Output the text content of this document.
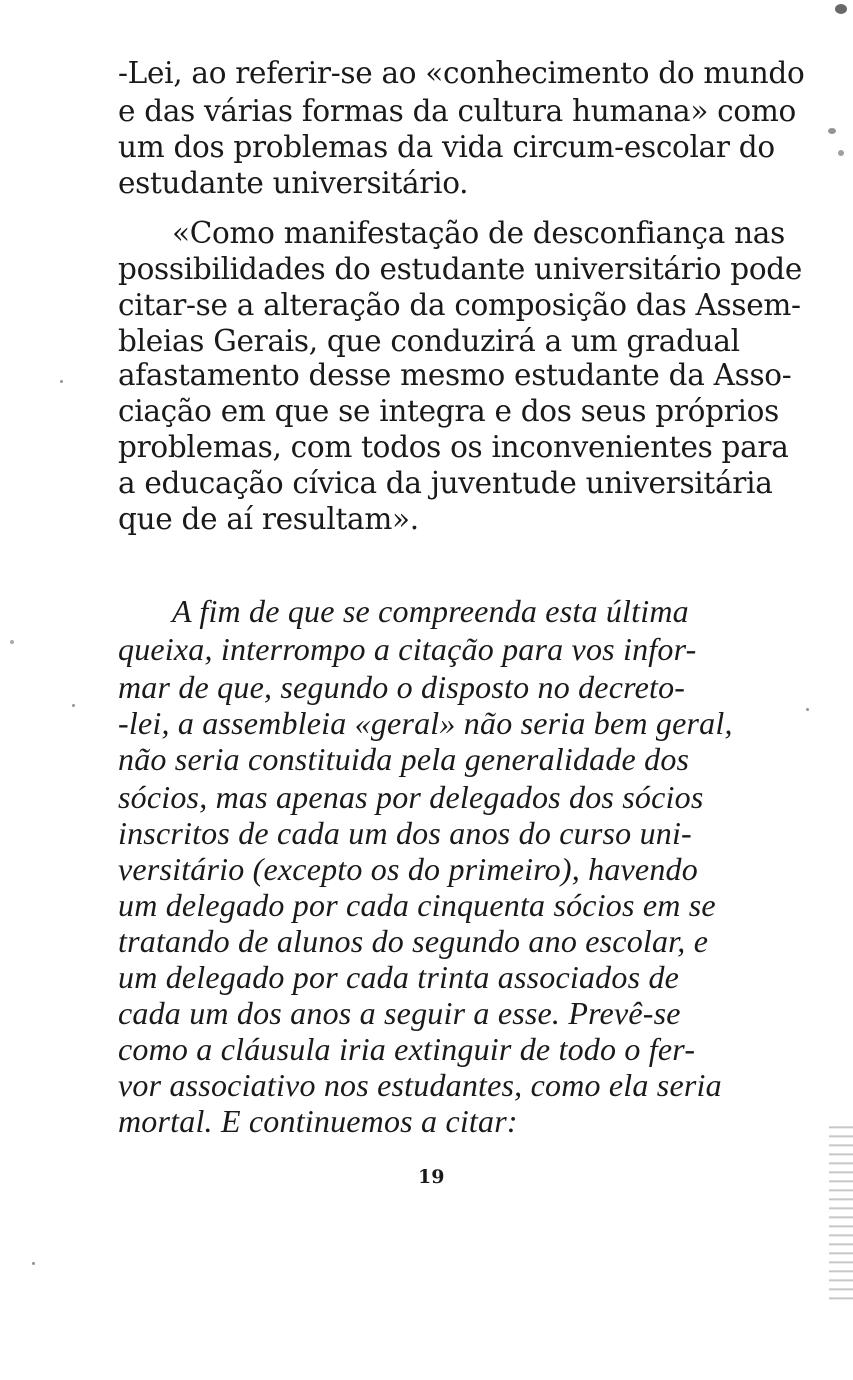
-Lei, ao referir-se ao «conhecimento do mundo
e das várias formas da cultura humana» como
um dos problemas da vida circum-escolar do
estudante universitário.
«Como manifestação de desconfiança nas
possibilidades do estudante universitário pode
citar-se a alteração da composição das Assem-
bleias Gerais, que conduzirá a um gradual
afastamento desse mesmo estudante da Asso-
ciação em que se integra e dos seus próprios
problemas, com todos os inconvenientes para
a educação cívica da juventude universitária
que de aí resultam».
A fim de que se compreenda esta última
queixa, interrompo a citação para vos infor-
mar de que, segundo o disposto no decreto-
-lei, a assembleia «geral» não seria bem geral,
não seria constituida pela generalidade dos
sócios, mas apenas por delegados dos sócios
inscritos de cada um dos anos do curso uni-
versitário (excepto os do primeiro), havendo
um delegado por cada cinquenta sócios em se
tratando de alunos do segundo ano escolar, e
um delegado por cada trinta associados de
cada um dos anos a seguir a esse. Prevê-se
como a cláusula iria extinguir de todo o fer-
vor associativo nos estudantes, como ela seria
mortal. E continuemos a citar:
19
